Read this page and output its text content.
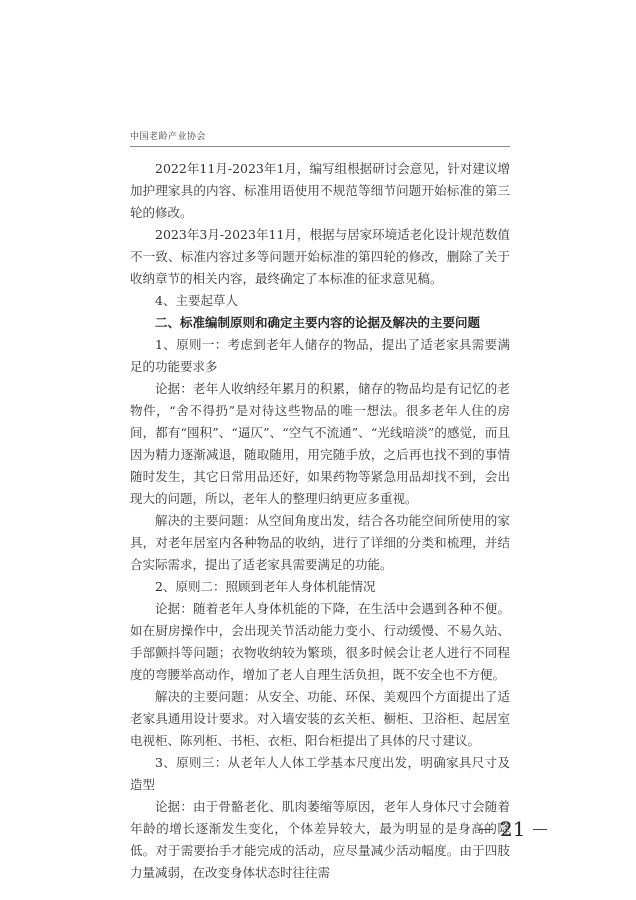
中国老龄产业协会

2022年11月-2023年1月，编写组根据研讨会意见，针对建议增加护理家具的内容、标准用语使用不规范等细节问题开始标准的第三轮的修改。

2023年3月-2023年11月，根据与居家环境适老化设计规范数值不一致、标准内容过多等问题开始标准的第四轮的修改，删除了关于收纳章节的相关内容，最终确定了本标准的征求意见稿。

4、主要起草人

二、标准编制原则和确定主要内容的论据及解决的主要问题

1、原则一：考虑到老年人储存的物品，提出了适老家具需要满足的功能要求多

论据：老年人收纳经年累月的积累，储存的物品均是有记忆的老物件，“舍不得扔”是对待这些物品的唯一想法。很多老年人住的房间，都有“囤积”、“逼仄”、“空气不流通”、“光线暗淡”的感觉，而且因为精力逐渐减退，随取随用，用完随手放，之后再也找不到的事情随时发生，其它日常用品还好，如果药物等紧急用品却找不到，会出现大的问题，所以，老年人的整理归纳更应多重视。

解决的主要问题：从空间角度出发，结合各功能空间所使用的家具，对老年居室内各种物品的收纳，进行了详细的分类和梳理，并结合实际需求，提出了适老家具需要满足的功能。

2、原则二：照顾到老年人身体机能情况

论据：随着老年人身体机能的下降，在生活中会遇到各种不便。如在厨房操作中，会出现关节活动能力变小、行动缓慢、不易久站、手部颤抖等问题；衣物收纳较为繁琐，很多时候会让老人进行不同程度的弯腰举高动作，增加了老人自理生活负担，既不安全也不方便。

解决的主要问题：从安全、功能、环保、美观四个方面提出了适老家具通用设计要求。对入墙安装的玄关柜、橱柜、卫浴柜、起居室电视柜、陈列柜、书柜、衣柜、阳台柜提出了具体的尺寸建议。

3、原则三：从老年人人体工学基本尺度出发，明确家具尺寸及造型

论据：由于骨骼老化、肌肉萎缩等原因，老年人身体尺寸会随着年龄的增长逐渐发生变化，个体差异较大，最为明显的是身高的降低。对于需要抬手才能完成的活动，应尽量减少活动幅度。由于四肢力量减弱，在改变身体状态时往往需

21
